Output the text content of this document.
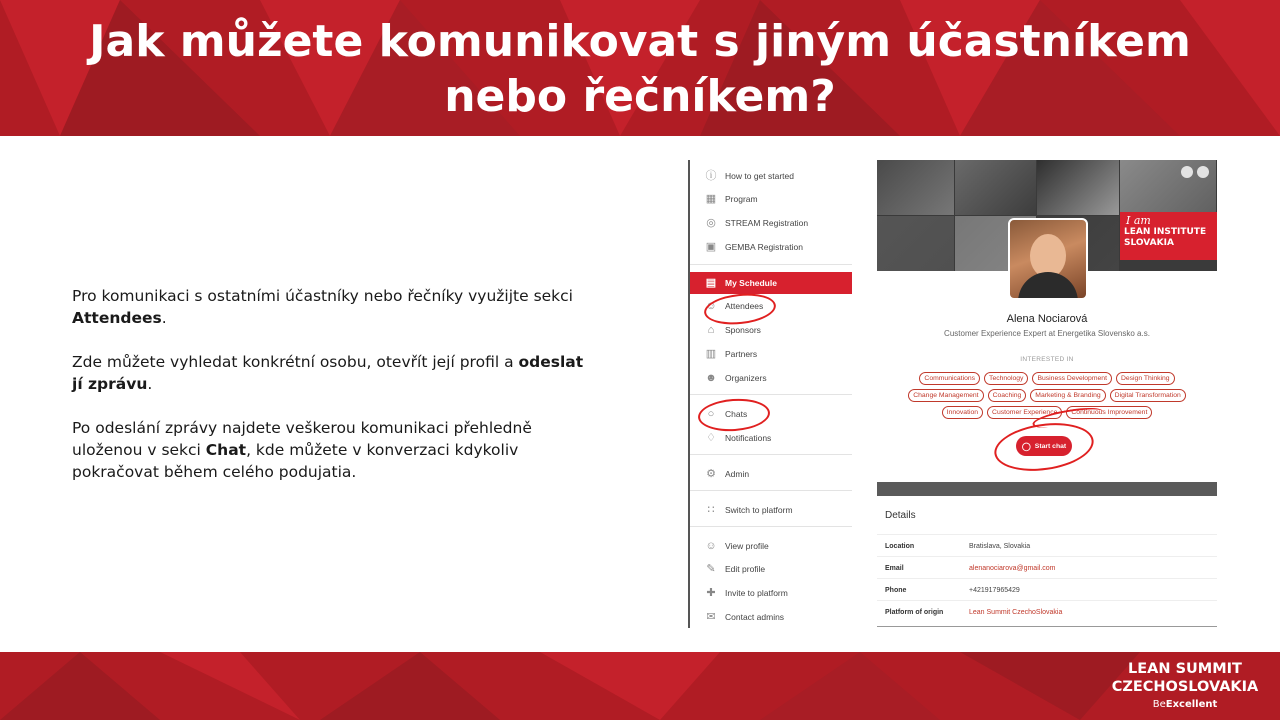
Jak můžete komunikovat s jiným účastníkem
nebo řečníkem?

Pro komunikaci s ostatními účastníky nebo řečníky využijte sekci Attendees.

Zde můžete vyhledat konkrétní osobu, otevřít její profil a odeslat jí zprávu.

Po odeslání zprávy najdete veškerou komunikaci přehledně uloženou v sekci Chat, kde můžete v konverzaci kdykoliv pokračovat během celého podujatia.

ⓘ How to get started
▦ Program
◎ STREAM Registration
▣ GEMBA Registration
▤ My Schedule
☺ Attendees
⌂	Sponsors
▥ Partners
☻ Organizers
○	Chats
♢ Notifications
⚙ Admin
∷	Switch to platform
☺ View profile
✎ Edit profile
✚ Invite to platform
✉ Contact admins
I am
LEAN INSTITUTE
SLOVAKIA
Alena Nociarová
Customer Experience Expert at Energetika Slovensko a.s.
INTERESTED IN
Communications	Technology	Business Development	Design Thinking
Change Management	Coaching	Marketing & Branding	Digital Transformation
Innovation	Customer Experience	Continuous Improvement
◯ Start chat
Details
Location	Bratislava, Slovakia
Email	alenanociarova@gmail.com
Phone	+421917965429
Platform of origin	Lean Summit CzechoSlovakia
LEAN SUMMIT
CZECHOSLOVAKIA
BeExcellent
